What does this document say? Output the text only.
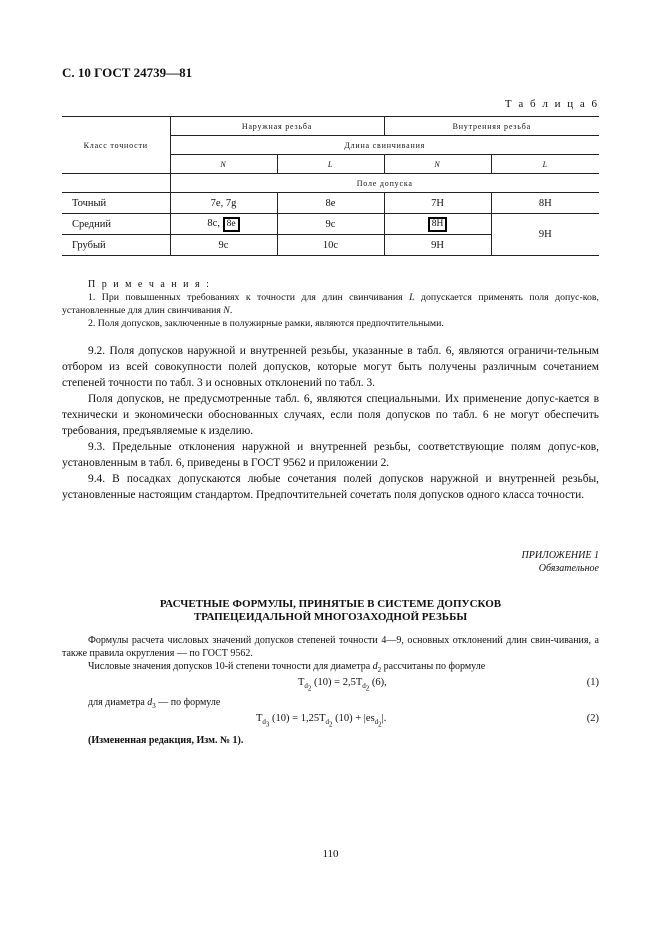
С. 10 ГОСТ 24739—81
Т а б л и ц а 6
Класс точности	Наружная резьба		Внутренняя резьба	
	Длина свинчивания			
	N	L	N	L
	Поле допуска			
Точный	7е, 7g	8е	7Н	8Н
Средний	8с, 8е	9с	8Н	9Н
Грубый	9с	10с	9Н	
П р и м е ч а н и я :
1. При повышенных требованиях к точности для длин свинчивания L допускается применять поля допус-ков, установленные для длин свинчивания N.
2. Поля допусков, заключенные в полужирные рамки, являются предпочтительными.

9.2. Поля допусков наружной и внутренней резьбы, указанные в табл. 6, являются ограничи-тельным отбором из всей совокупности полей допусков, которые могут быть получены различным сочетанием степеней точности по табл. 3 и основных отклонений по табл. 3.

Поля допусков, не предусмотренные табл. 6, являются специальными. Их применение допус-кается в технически и экономически обоснованных случаях, если поля допусков по табл. 6 не могут обеспечить требования, предъявляемые к изделию.

9.3. Предельные отклонения наружной и внутренней резьбы, соответствующие полям допус-ков, установленным в табл. 6, приведены в ГОСТ 9562 и приложении 2.

9.4. В посадках допускаются любые сочетания полей допусков наружной и внутренней резьбы, установленные настоящим стандартом. Предпочтительней сочетать поля допусков одного класса точности.

ПРИЛОЖЕНИЕ 1
Обязательное
РАСЧЕТНЫЕ ФОРМУЛЫ, ПРИНЯТЫЕ В СИСТЕМЕ ДОПУСКОВ
ТРАПЕЦЕИДАЛЬНОЙ МНОГОЗАХОДНОЙ РЕЗЬБЫ

Формулы расчета числовых значений допусков степеней точности 4—9, основных отклонений длин свин-чивания, а также правила округления — по ГОСТ 9562.

Числовые значения допусков 10-й степени точности для диаметра $d_2$ рассчитаны по формуле

$T_{d_2}$ $(10) = 2,5T_{d_2}$ (6),	(1)
для диаметра $d_3$ — по формуле
$T_{d_3}$ $(10) = 1,25T_{d_2}$ $(10) + |es_{d_2}|$.	(2)
(Измененная редакция, Изм. № 1).
110
